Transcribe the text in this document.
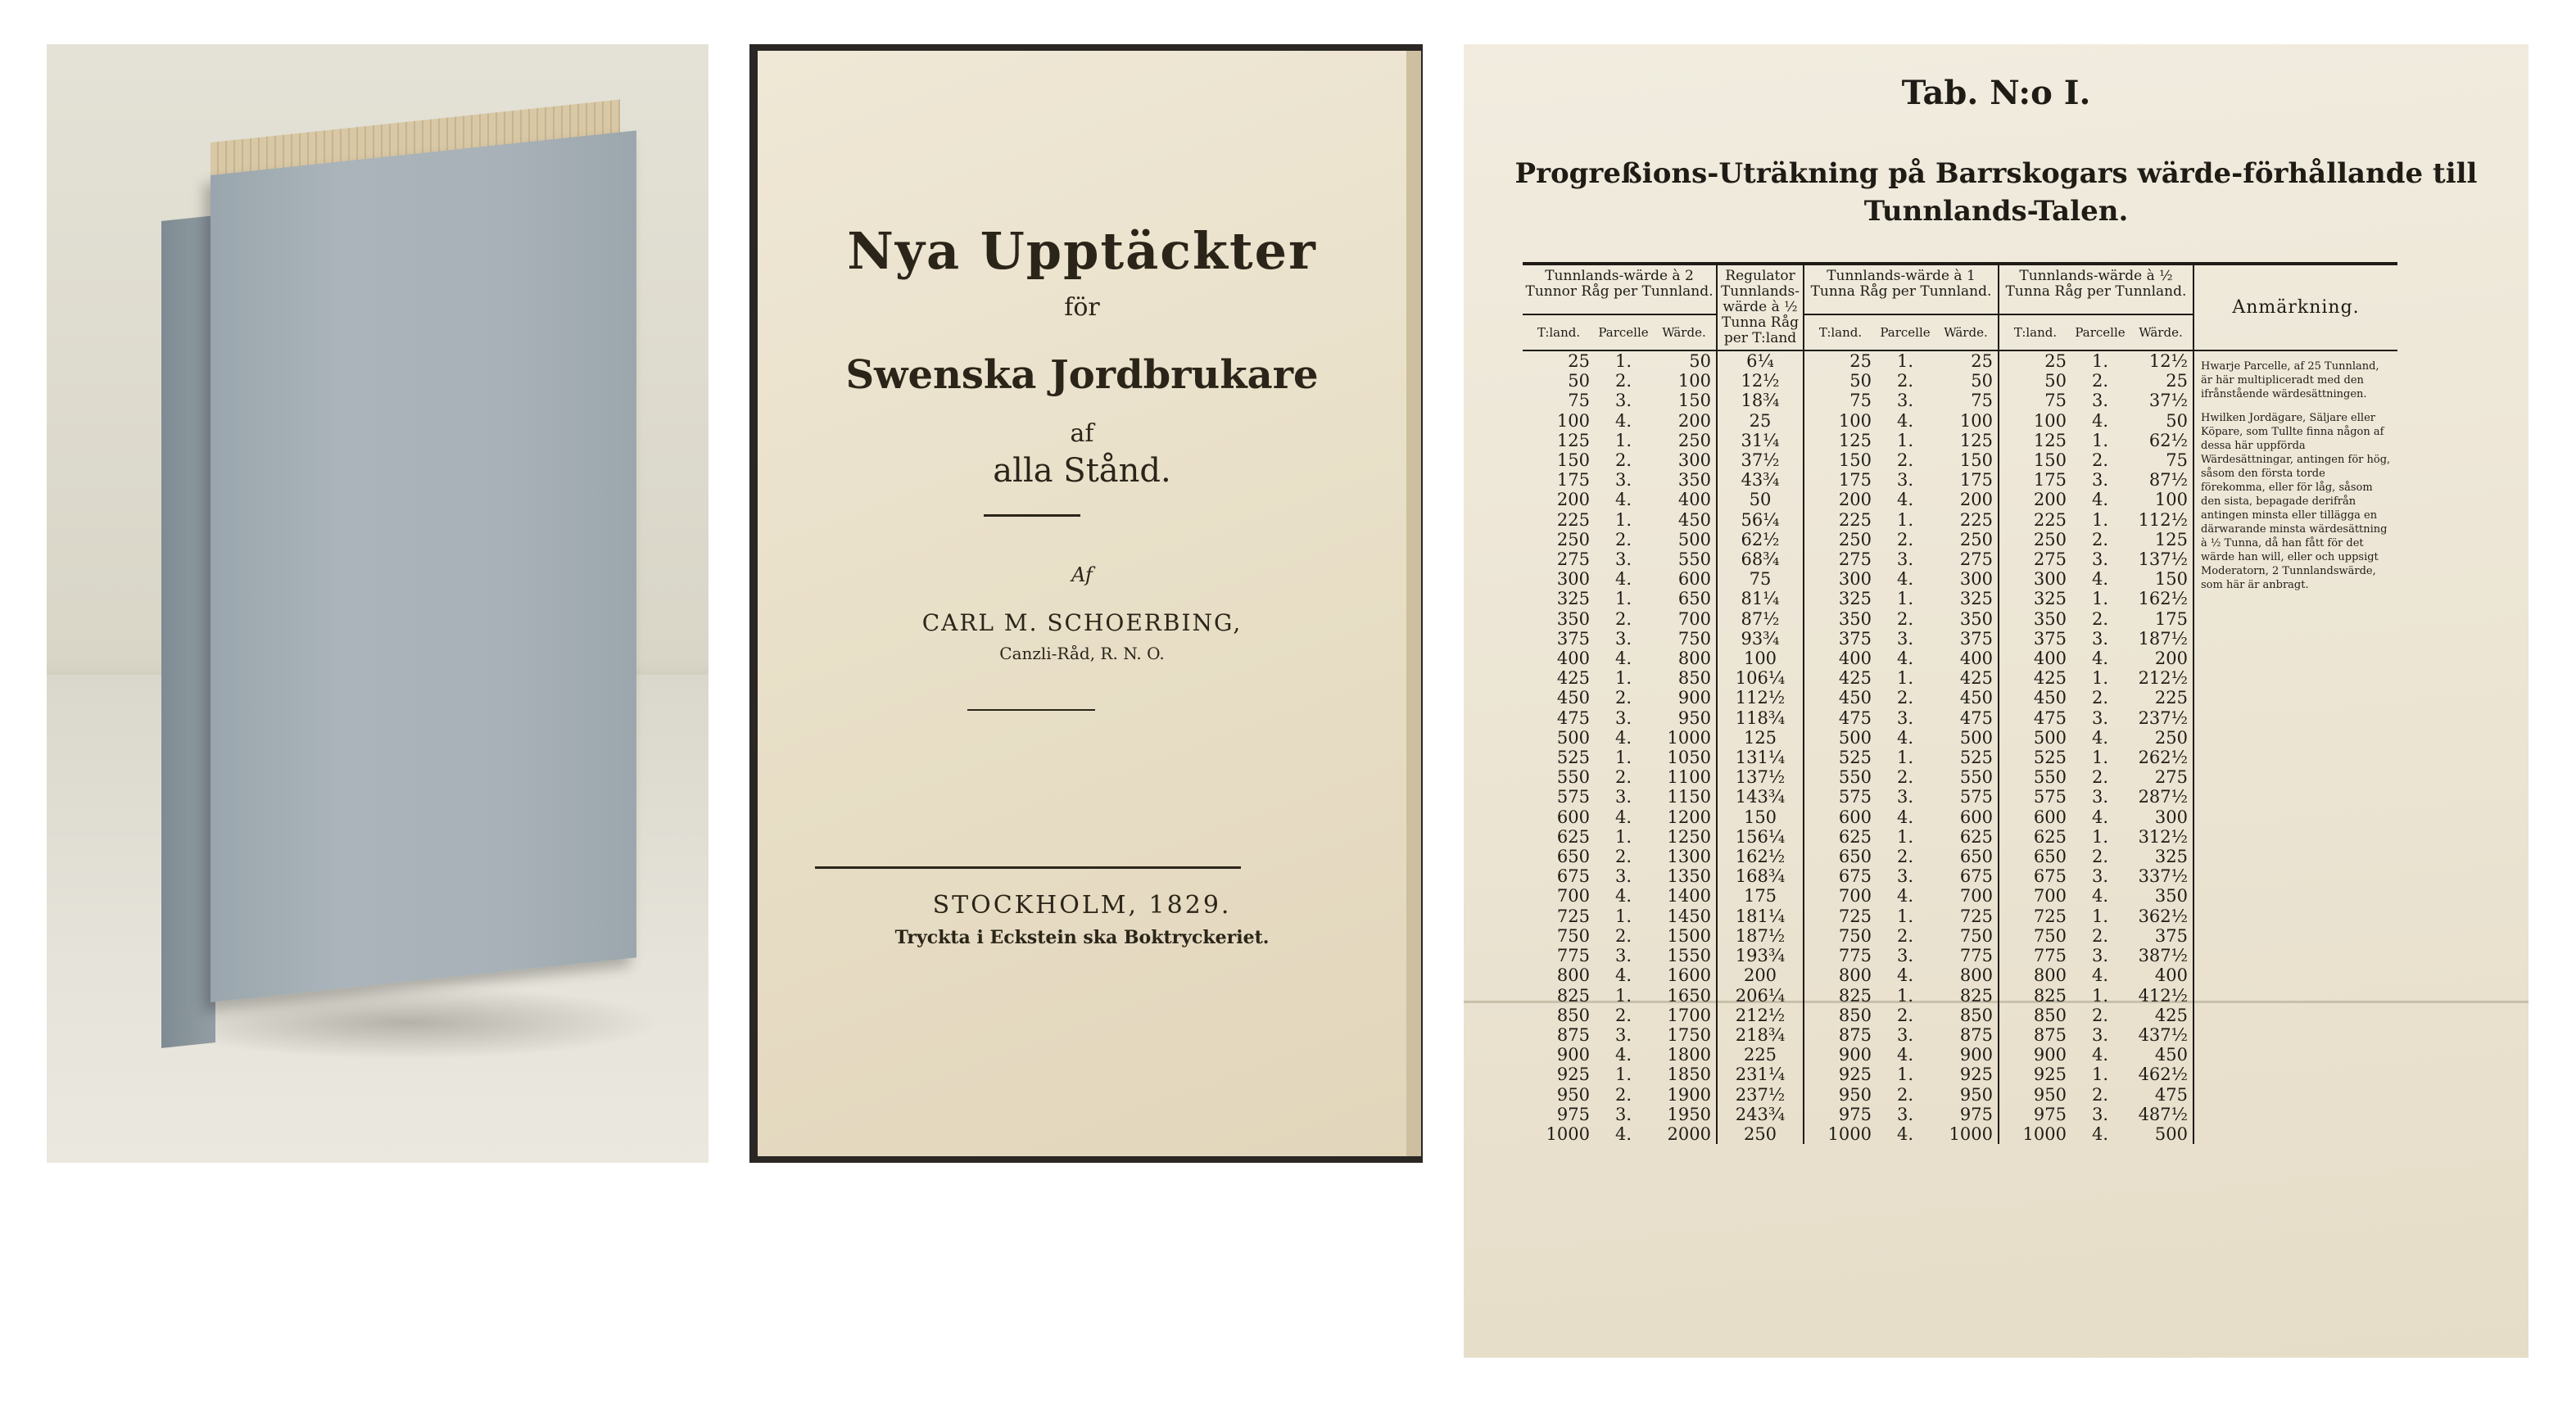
Nya Upptäckter
för
Swenska Jordbrukare
af
alla Stånd.
Af
CARL M. SCHOERBING,
Canzli-Råd, R. N. O.
STOCKHOLM, 1829.
Tryckta i Eckstein ska Boktryckeriet.
Tab. N:o I.
Progreßions-Uträkning på Barrskogars wärde-förhållande till
Tunnlands-Talen.
Tunnlands-wärde à 2 Tunnor Råg per Tunnland.			Regulator Tunnlands-wärde à ½ Tunna Råg per T:land	Tunnlands-wärde à 1 Tunna Råg per Tunnland.			Tunnlands-wärde à ½ Tunna Råg per Tunnland.			Anmärkning.
T:land.	Parcelle	Wärde.		T:land.	Parcelle	Wärde.	T:land.	Parcelle	Wärde.	
25	1.	50	6¼	25	1.	25	25	1.	12½	Hwarje Parcelle, af 25 Tunnland, är här multipliceradt med den ifrånstående wärdesättningen.

Hwilken Jordägare, Säljare eller Köpare, som Tullte finna någon af dessa här uppförda Wärdesättningar, antingen för hög, såsom den första torde förekomma, eller för låg, såsom den sista, bepagade derifrån antingen minsta eller tillägga en därwarande minsta wärdesättning à ½ Tunna, då han fått för det wärde han will, eller och uppsigt Moderatorn, 2 Tunnlandswärde, som här är anbragt.

50	2.	100	12½	50	2.	50	50	2.	25	
75	3.	150	18¾	75	3.	75	75	3.	37½	
100	4.	200	25	100	4.	100	100	4.	50	
125	1.	250	31¼	125	1.	125	125	1.	62½	
150	2.	300	37½	150	2.	150	150	2.	75	
175	3.	350	43¾	175	3.	175	175	3.	87½	
200	4.	400	50	200	4.	200	200	4.	100	
225	1.	450	56¼	225	1.	225	225	1.	112½	
250	2.	500	62½	250	2.	250	250	2.	125	
275	3.	550	68¾	275	3.	275	275	3.	137½	
300	4.	600	75	300	4.	300	300	4.	150	
325	1.	650	81¼	325	1.	325	325	1.	162½	
350	2.	700	87½	350	2.	350	350	2.	175	
375	3.	750	93¾	375	3.	375	375	3.	187½	
400	4.	800	100	400	4.	400	400	4.	200	
425	1.	850	106¼	425	1.	425	425	1.	212½	
450	2.	900	112½	450	2.	450	450	2.	225	
475	3.	950	118¾	475	3.	475	475	3.	237½	
500	4.	1000	125	500	4.	500	500	4.	250	
525	1.	1050	131¼	525	1.	525	525	1.	262½	
550	2.	1100	137½	550	2.	550	550	2.	275	
575	3.	1150	143¾	575	3.	575	575	3.	287½	
600	4.	1200	150	600	4.	600	600	4.	300	
625	1.	1250	156¼	625	1.	625	625	1.	312½	
650	2.	1300	162½	650	2.	650	650	2.	325	
675	3.	1350	168¾	675	3.	675	675	3.	337½	
700	4.	1400	175	700	4.	700	700	4.	350	
725	1.	1450	181¼	725	1.	725	725	1.	362½	
750	2.	1500	187½	750	2.	750	750	2.	375	
775	3.	1550	193¾	775	3.	775	775	3.	387½	
800	4.	1600	200	800	4.	800	800	4.	400	
825	1.	1650	206¼	825	1.	825	825	1.	412½	
850	2.	1700	212½	850	2.	850	850	2.	425	
875	3.	1750	218¾	875	3.	875	875	3.	437½	
900	4.	1800	225	900	4.	900	900	4.	450	
925	1.	1850	231¼	925	1.	925	925	1.	462½	
950	2.	1900	237½	950	2.	950	950	2.	475	
975	3.	1950	243¾	975	3.	975	975	3.	487½	
1000	4.	2000	250	1000	4.	1000	1000	4.	500	
